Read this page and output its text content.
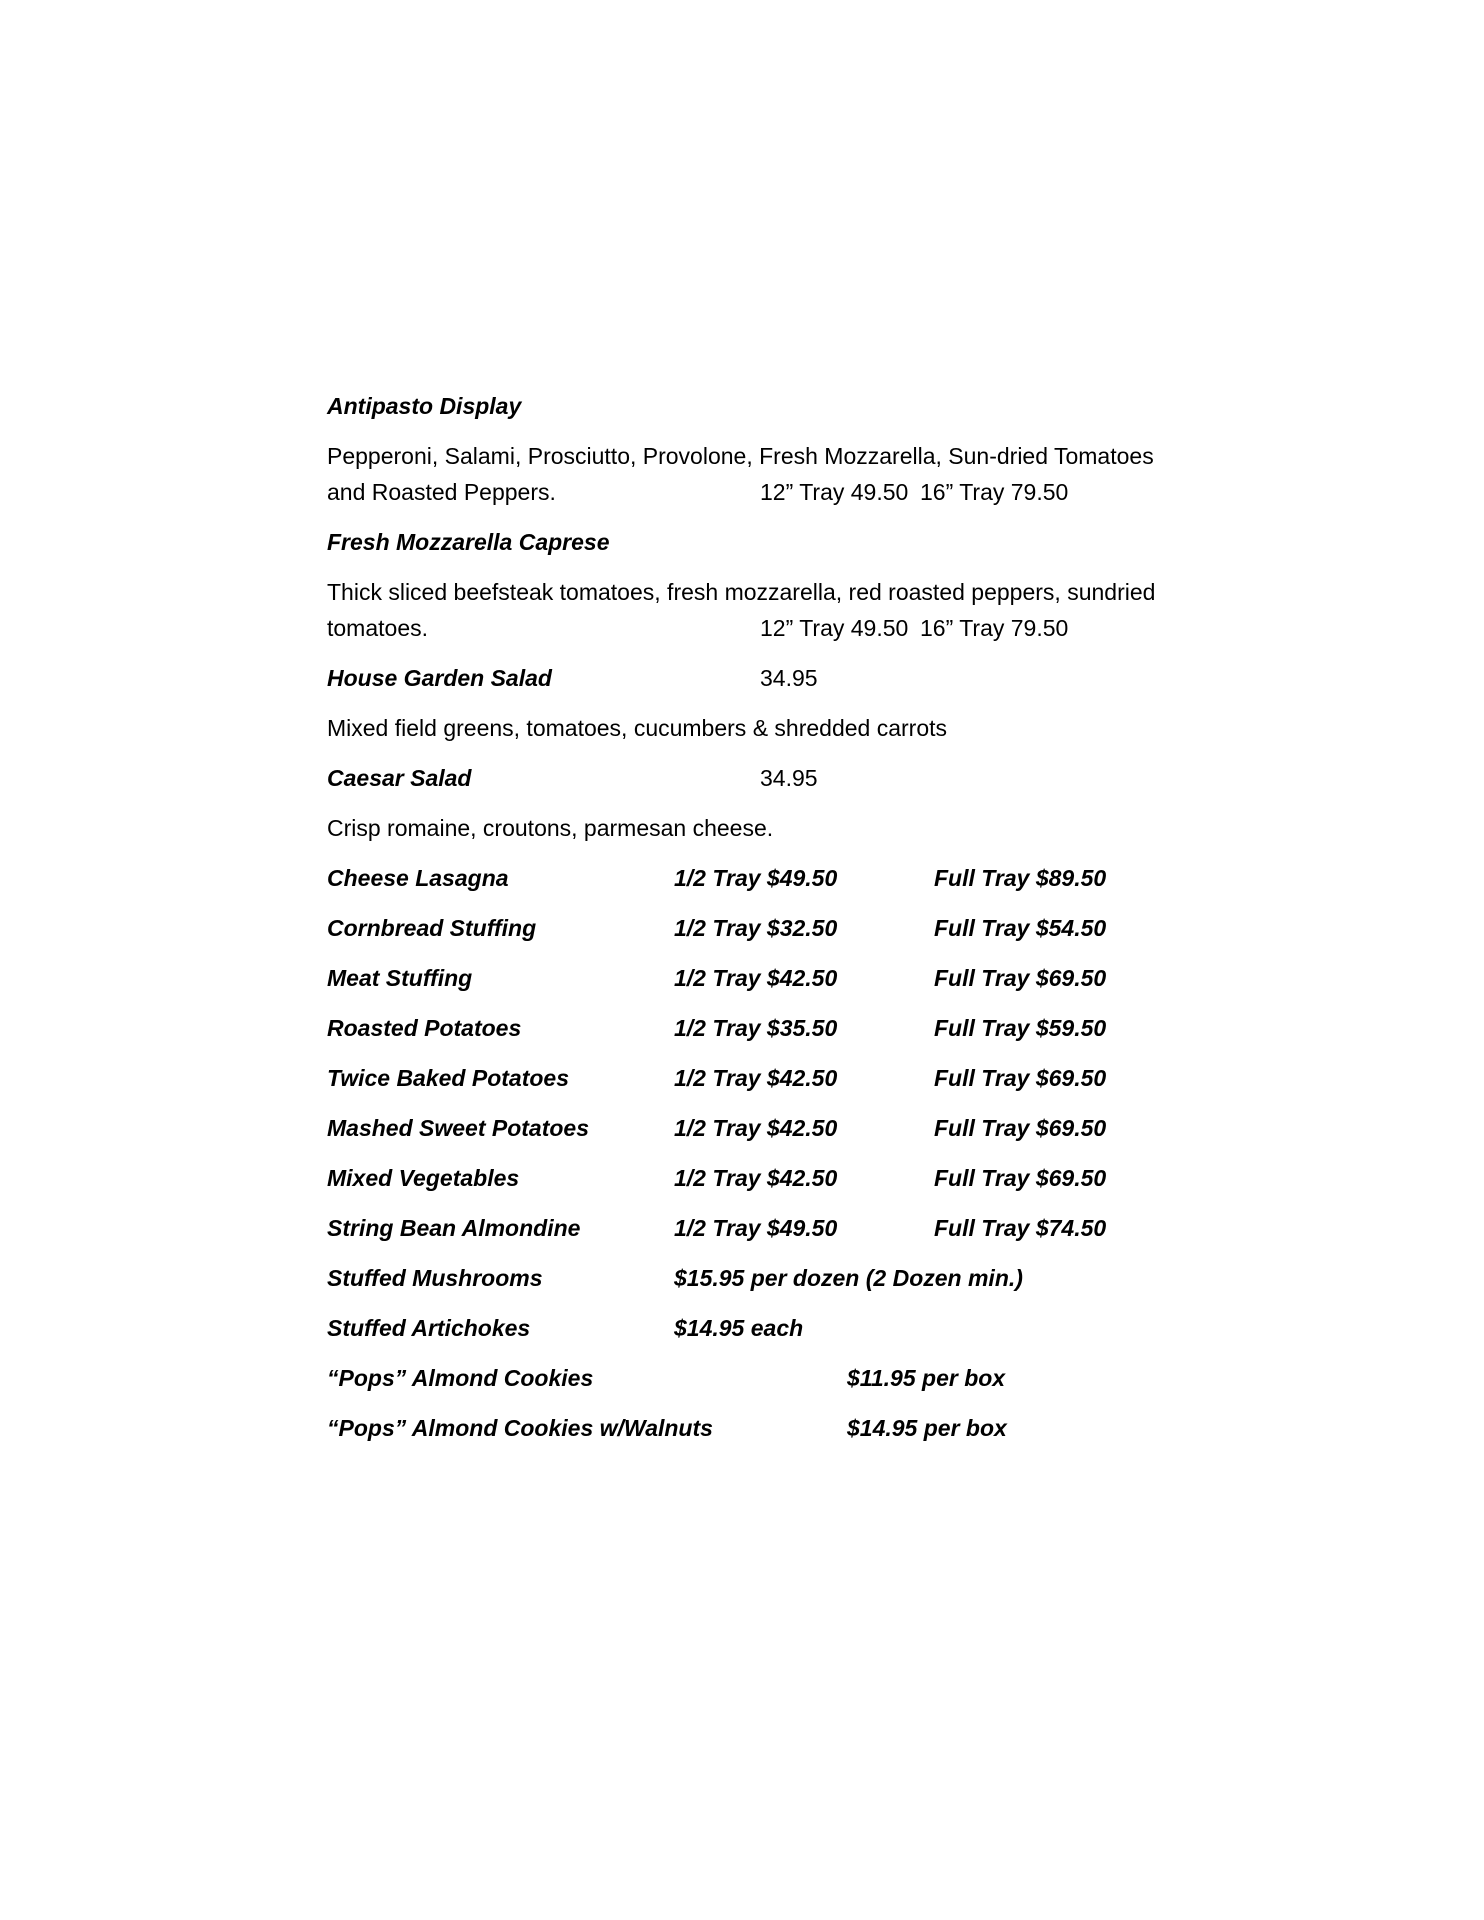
Antipasto Display
Pepperoni, Salami, Prosciutto, Provolone, Fresh Mozzarella, Sun-dried Tomatoes
and Roasted Peppers.	12” Tray 49.50 16” Tray 79.50
Fresh Mozzarella Caprese
Thick sliced beefsteak tomatoes, fresh mozzarella, red roasted peppers, sundried
tomatoes.	12” Tray 49.50 16” Tray 79.50
House Garden Salad	34.95
Mixed field greens, tomatoes, cucumbers & shredded carrots
Caesar Salad	34.95
Crisp romaine, croutons, parmesan cheese.
Cheese Lasagna	1/2 Tray $49.50	Full Tray $89.50
Cornbread Stuffing	1/2 Tray $32.50	Full Tray $54.50
Meat Stuffing	1/2 Tray $42.50	Full Tray $69.50
Roasted Potatoes	1/2 Tray $35.50	Full Tray $59.50
Twice Baked Potatoes	1/2 Tray $42.50	Full Tray $69.50
Mashed Sweet Potatoes	1/2 Tray $42.50	Full Tray $69.50
Mixed Vegetables	1/2 Tray $42.50	Full Tray $69.50
String Bean Almondine	1/2 Tray $49.50	Full Tray $74.50
Stuffed Mushrooms	$15.95 per dozen (2 Dozen min.)
Stuffed Artichokes	$14.95 each
“Pops” Almond Cookies	$11.95 per box
“Pops” Almond Cookies w/Walnuts	$14.95 per box
